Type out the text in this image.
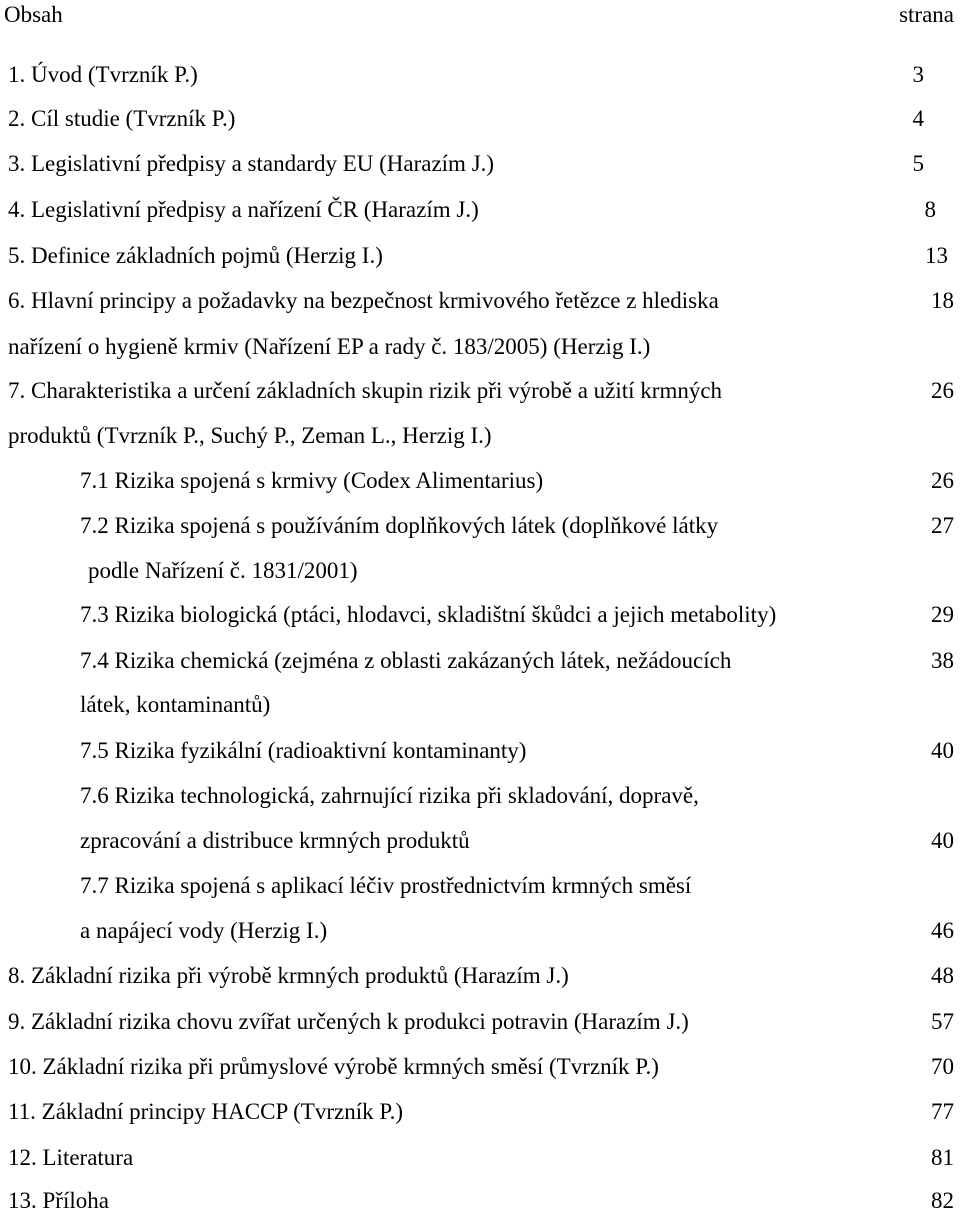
Obsah	strana
1. Úvod (Tvrzník P.)	3
2. Cíl studie (Tvrzník P.)	4
3. Legislativní předpisy a standardy EU (Harazím J.)	5
4. Legislativní předpisy a nařízení ČR (Harazím J.)	8
5. Definice základních pojmů (Herzig I.)	13
6. Hlavní principy a požadavky na bezpečnost krmivového řetězce z hlediska	18
nařízení o hygieně krmiv (Nařízení EP a rady č. 183/2005) (Herzig I.)
7. Charakteristika a určení základních skupin rizik při výrobě a užití krmných	26
produktů (Tvrzník P., Suchý P., Zeman L., Herzig I.)
7.1 Rizika spojená s krmivy (Codex Alimentarius)	26
7.2 Rizika spojená s používáním doplňkových látek (doplňkové látky	27
podle Nařízení č. 1831/2001)
7.3 Rizika biologická (ptáci, hlodavci, skladištní škůdci a jejich metabolity)	29
7.4 Rizika chemická (zejména z oblasti zakázaných látek, nežádoucích	38
látek, kontaminantů)
7.5 Rizika fyzikální (radioaktivní kontaminanty)	40
7.6 Rizika technologická, zahrnující rizika při skladování, dopravě,
zpracování a distribuce krmných produktů	40
7.7 Rizika spojená s aplikací léčiv prostřednictvím krmných směsí
a napájecí vody (Herzig I.)	46
8. Základní rizika při výrobě krmných produktů (Harazím J.)	48
9. Základní rizika chovu zvířat určených k produkci potravin (Harazím J.)	57
10. Základní rizika při průmyslové výrobě krmných směsí (Tvrzník P.)	70
11. Základní principy HACCP (Tvrzník P.)	77
12. Literatura	81
13. Příloha	82
